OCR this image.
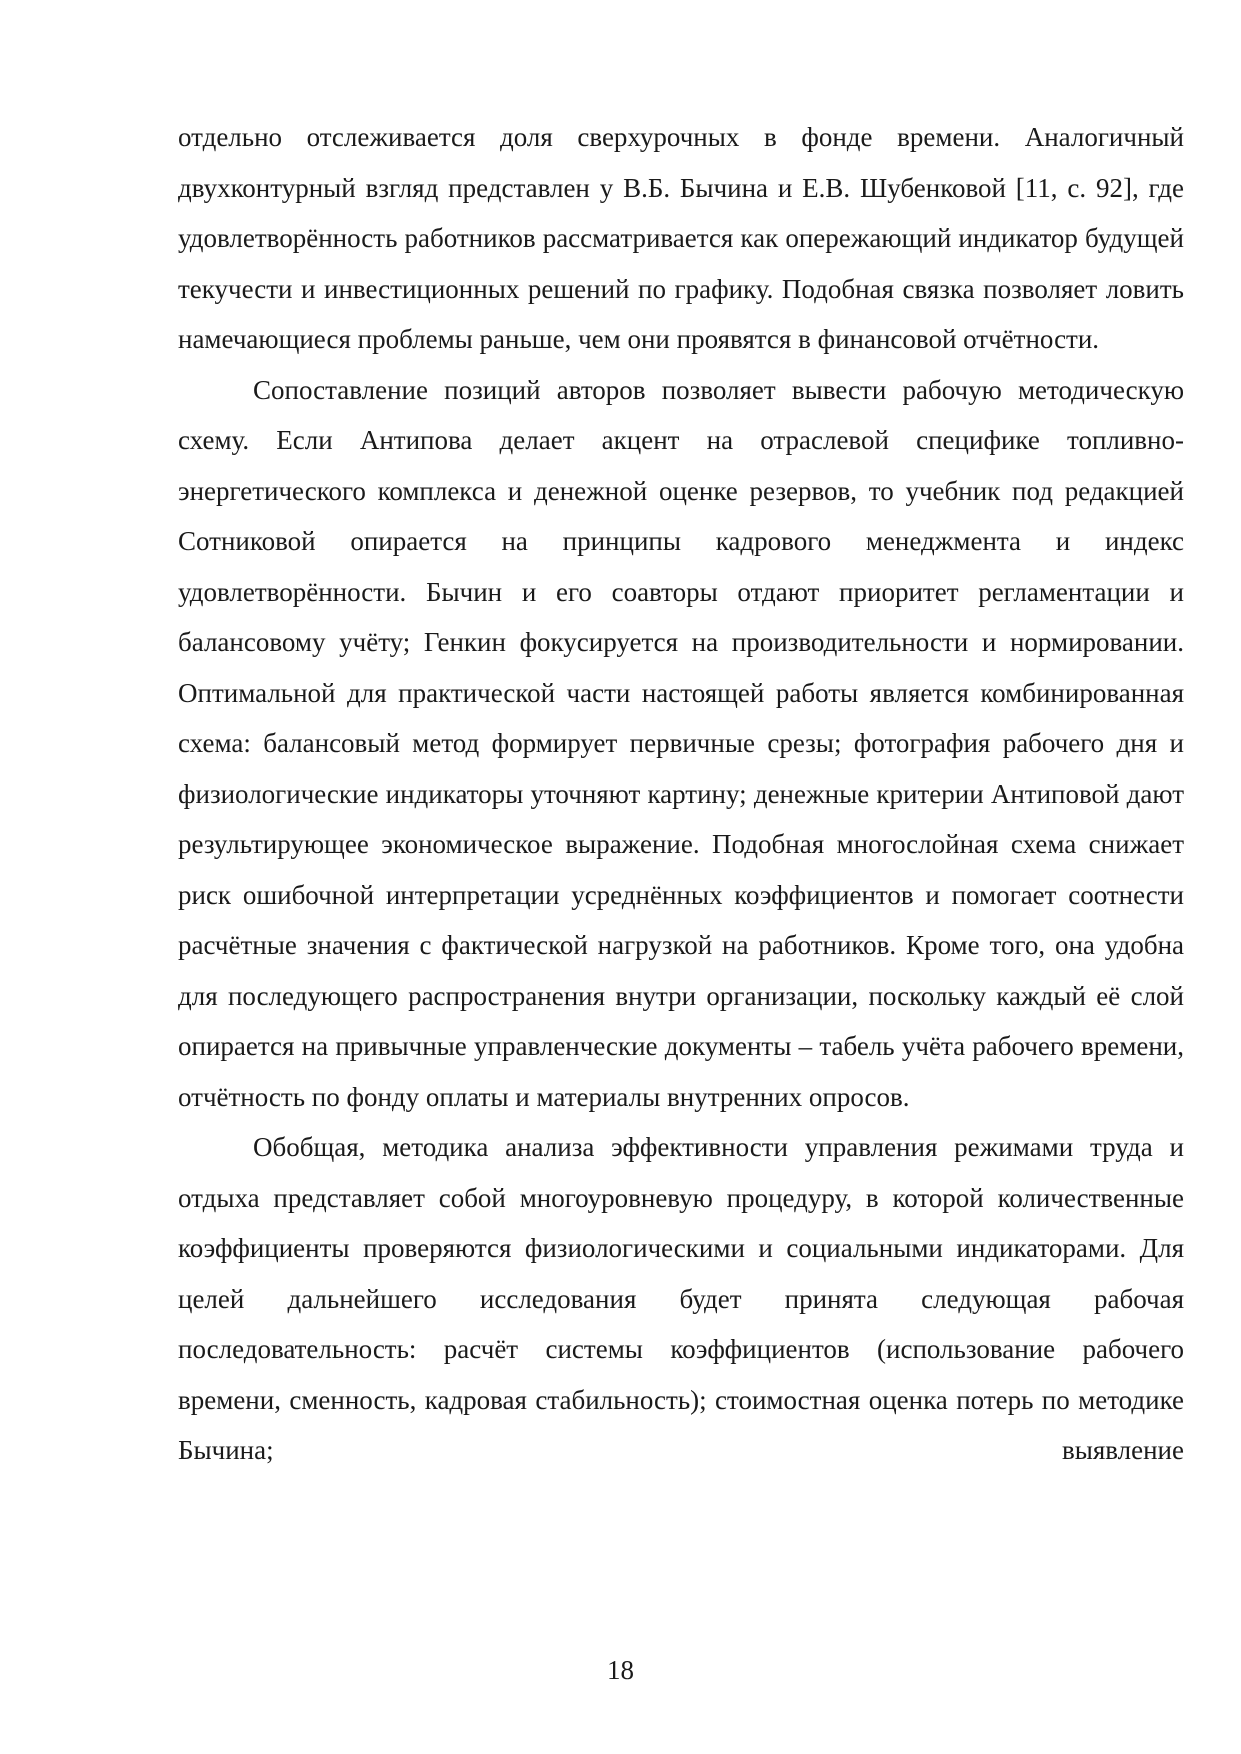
отдельно отслеживается доля сверхурочных в фонде времени. Аналогичный двухконтурный взгляд представлен у В.Б. Бычина и Е.В. Шубенковой [11, с. 92], где удовлетворённость работников рассматривается как опережающий индикатор будущей текучести и инвестиционных решений по графику. Подобная связка позволяет ловить намечающиеся проблемы раньше, чем они проявятся в финансовой отчётности.

Сопоставление позиций авторов позволяет вывести рабочую методическую схему. Если Антипова делает акцент на отраслевой специфике топливно-энергетического комплекса и денежной оценке резервов, то учебник под редакцией Сотниковой опирается на принципы кадрового менеджмента и индекс удовлетворённости. Бычин и его соавторы отдают приоритет регламентации и балансовому учёту; Генкин фокусируется на производительности и нормировании. Оптимальной для практической части настоящей работы является комбинированная схема: балансовый метод формирует первичные срезы; фотография рабочего дня и физиологические индикаторы уточняют картину; денежные критерии Антиповой дают результирующее экономическое выражение. Подобная многослойная схема снижает риск ошибочной интерпретации усреднённых коэффициентов и помогает соотнести расчётные значения с фактической нагрузкой на работников. Кроме того, она удобна для последующего распространения внутри организации, поскольку каждый её слой опирается на привычные управленческие документы – табель учёта рабочего времени, отчётность по фонду оплаты и материалы внутренних опросов.

Обобщая, методика анализа эффективности управления режимами труда и отдыха представляет собой многоуровневую процедуру, в которой количественные коэффициенты проверяются физиологическими и социальными индикаторами. Для целей дальнейшего исследования будет принята следующая рабочая последовательность: расчёт системы коэффициентов (использование рабочего времени, сменность, кадровая стабильность); стоимостная оценка потерь по методике Бычина; выявление

18
